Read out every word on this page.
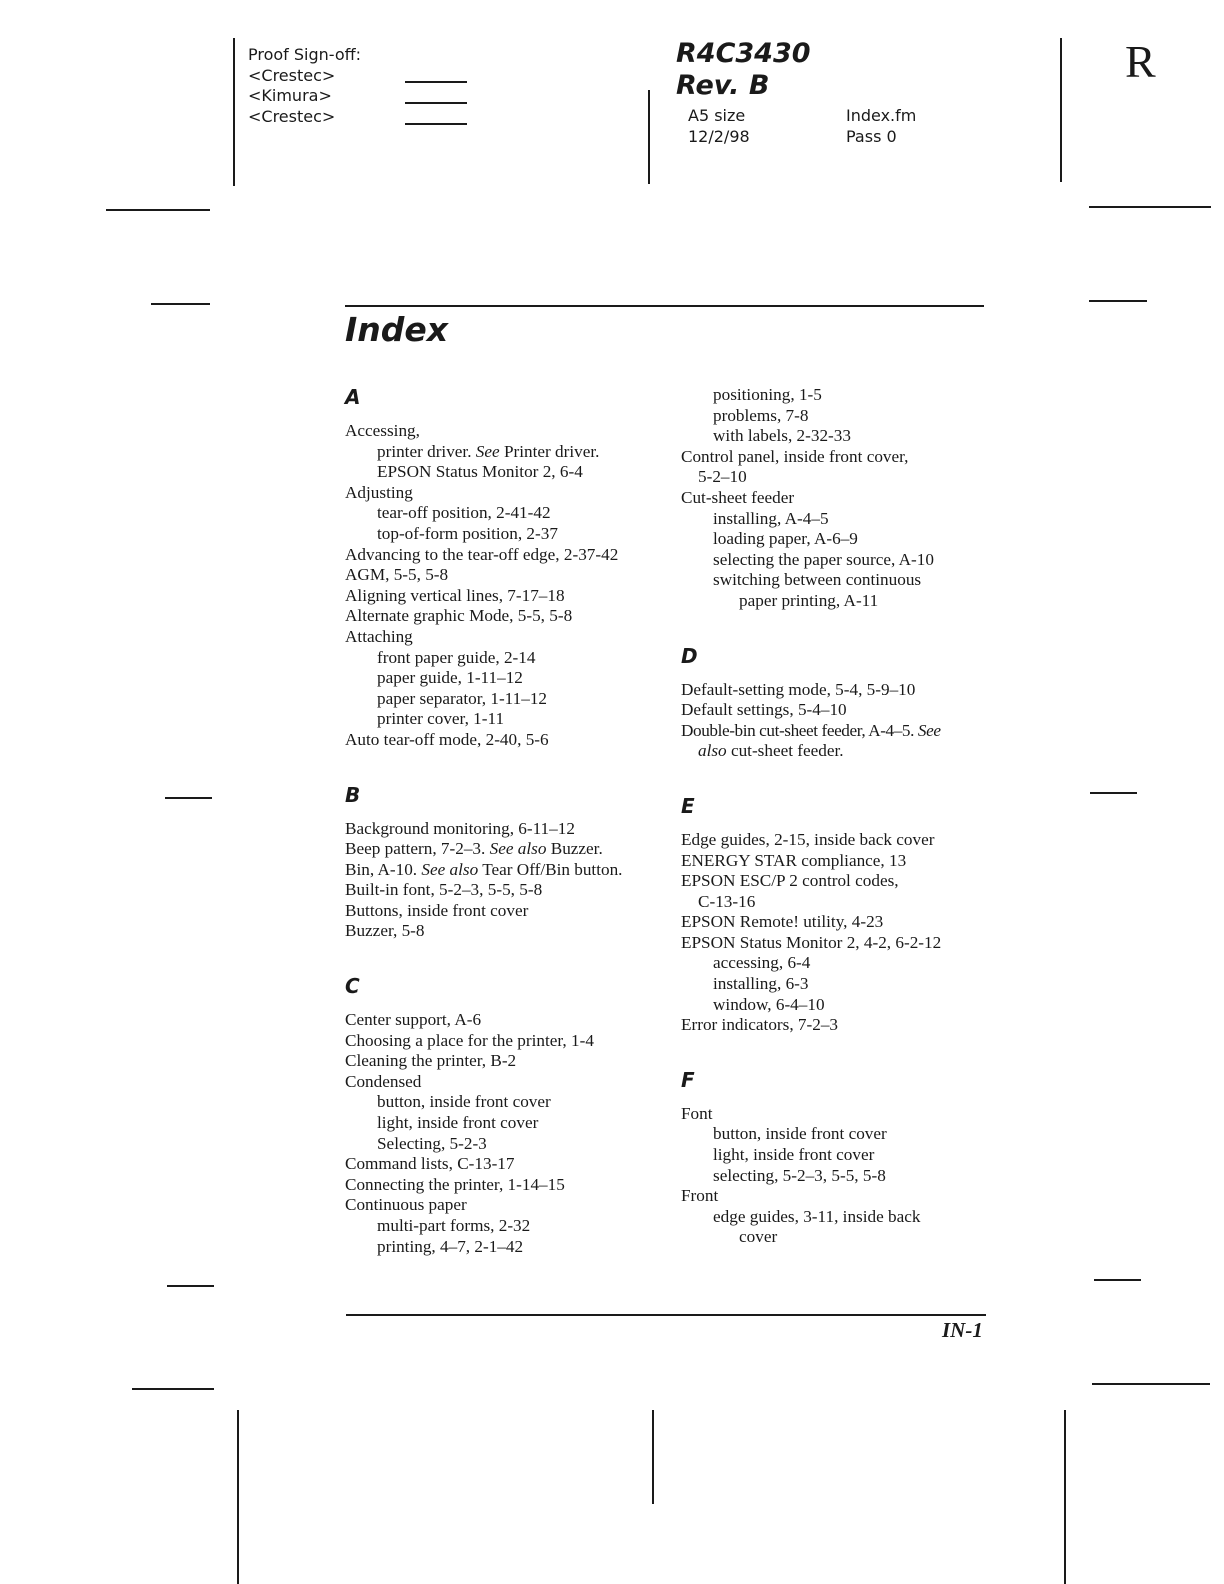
Proof Sign-off:
<Crestec>
<Kimura>
<Crestec>
R4C3430
Rev. B
A5 size
12/2/98
Index.fm
Pass 0
R
Index
A
Accessing,
printer driver. See Printer driver.
EPSON Status Monitor 2, 6-4
Adjusting
tear-off position, 2-41-42
top-of-form position, 2-37
Advancing to the tear-off edge, 2-37-42
AGM, 5-5, 5-8
Aligning vertical lines, 7-17–18
Alternate graphic Mode, 5-5, 5-8
Attaching
front paper guide, 2-14
paper guide, 1-11–12
paper separator, 1-11–12
printer cover, 1-11
Auto tear-off mode, 2-40, 5-6
B
Background monitoring, 6-11–12
Beep pattern, 7-2–3. See also Buzzer.
Bin, A-10. See also Tear Off/Bin button.
Built-in font, 5-2–3, 5-5, 5-8
Buttons, inside front cover
Buzzer, 5-8
C
Center support, A-6
Choosing a place for the printer, 1-4
Cleaning the printer, B-2
Condensed
button, inside front cover
light, inside front cover
Selecting, 5-2-3
Command lists, C-13-17
Connecting the printer, 1-14–15
Continuous paper
multi-part forms, 2-32
printing, 4–7, 2-1–42
positioning, 1-5
problems, 7-8
with labels, 2-32-33
Control panel, inside front cover,
5-2–10
Cut-sheet feeder
installing, A-4–5
loading paper, A-6–9
selecting the paper source, A-10
switching between continuous
paper printing, A-11
D
Default-setting mode, 5-4, 5-9–10
Default settings, 5-4–10
Double-bin cut-sheet feeder, A-4–5. See
also cut-sheet feeder.
E
Edge guides, 2-15, inside back cover
ENERGY STAR compliance, 13
EPSON ESC/P 2 control codes,
C-13-16
EPSON Remote! utility, 4-23
EPSON Status Monitor 2, 4-2, 6-2-12
accessing, 6-4
installing, 6-3
window, 6-4–10
Error indicators, 7-2–3
F
Font
button, inside front cover
light, inside front cover
selecting, 5-2–3, 5-5, 5-8
Front
edge guides, 3-11, inside back
cover
IN-1
